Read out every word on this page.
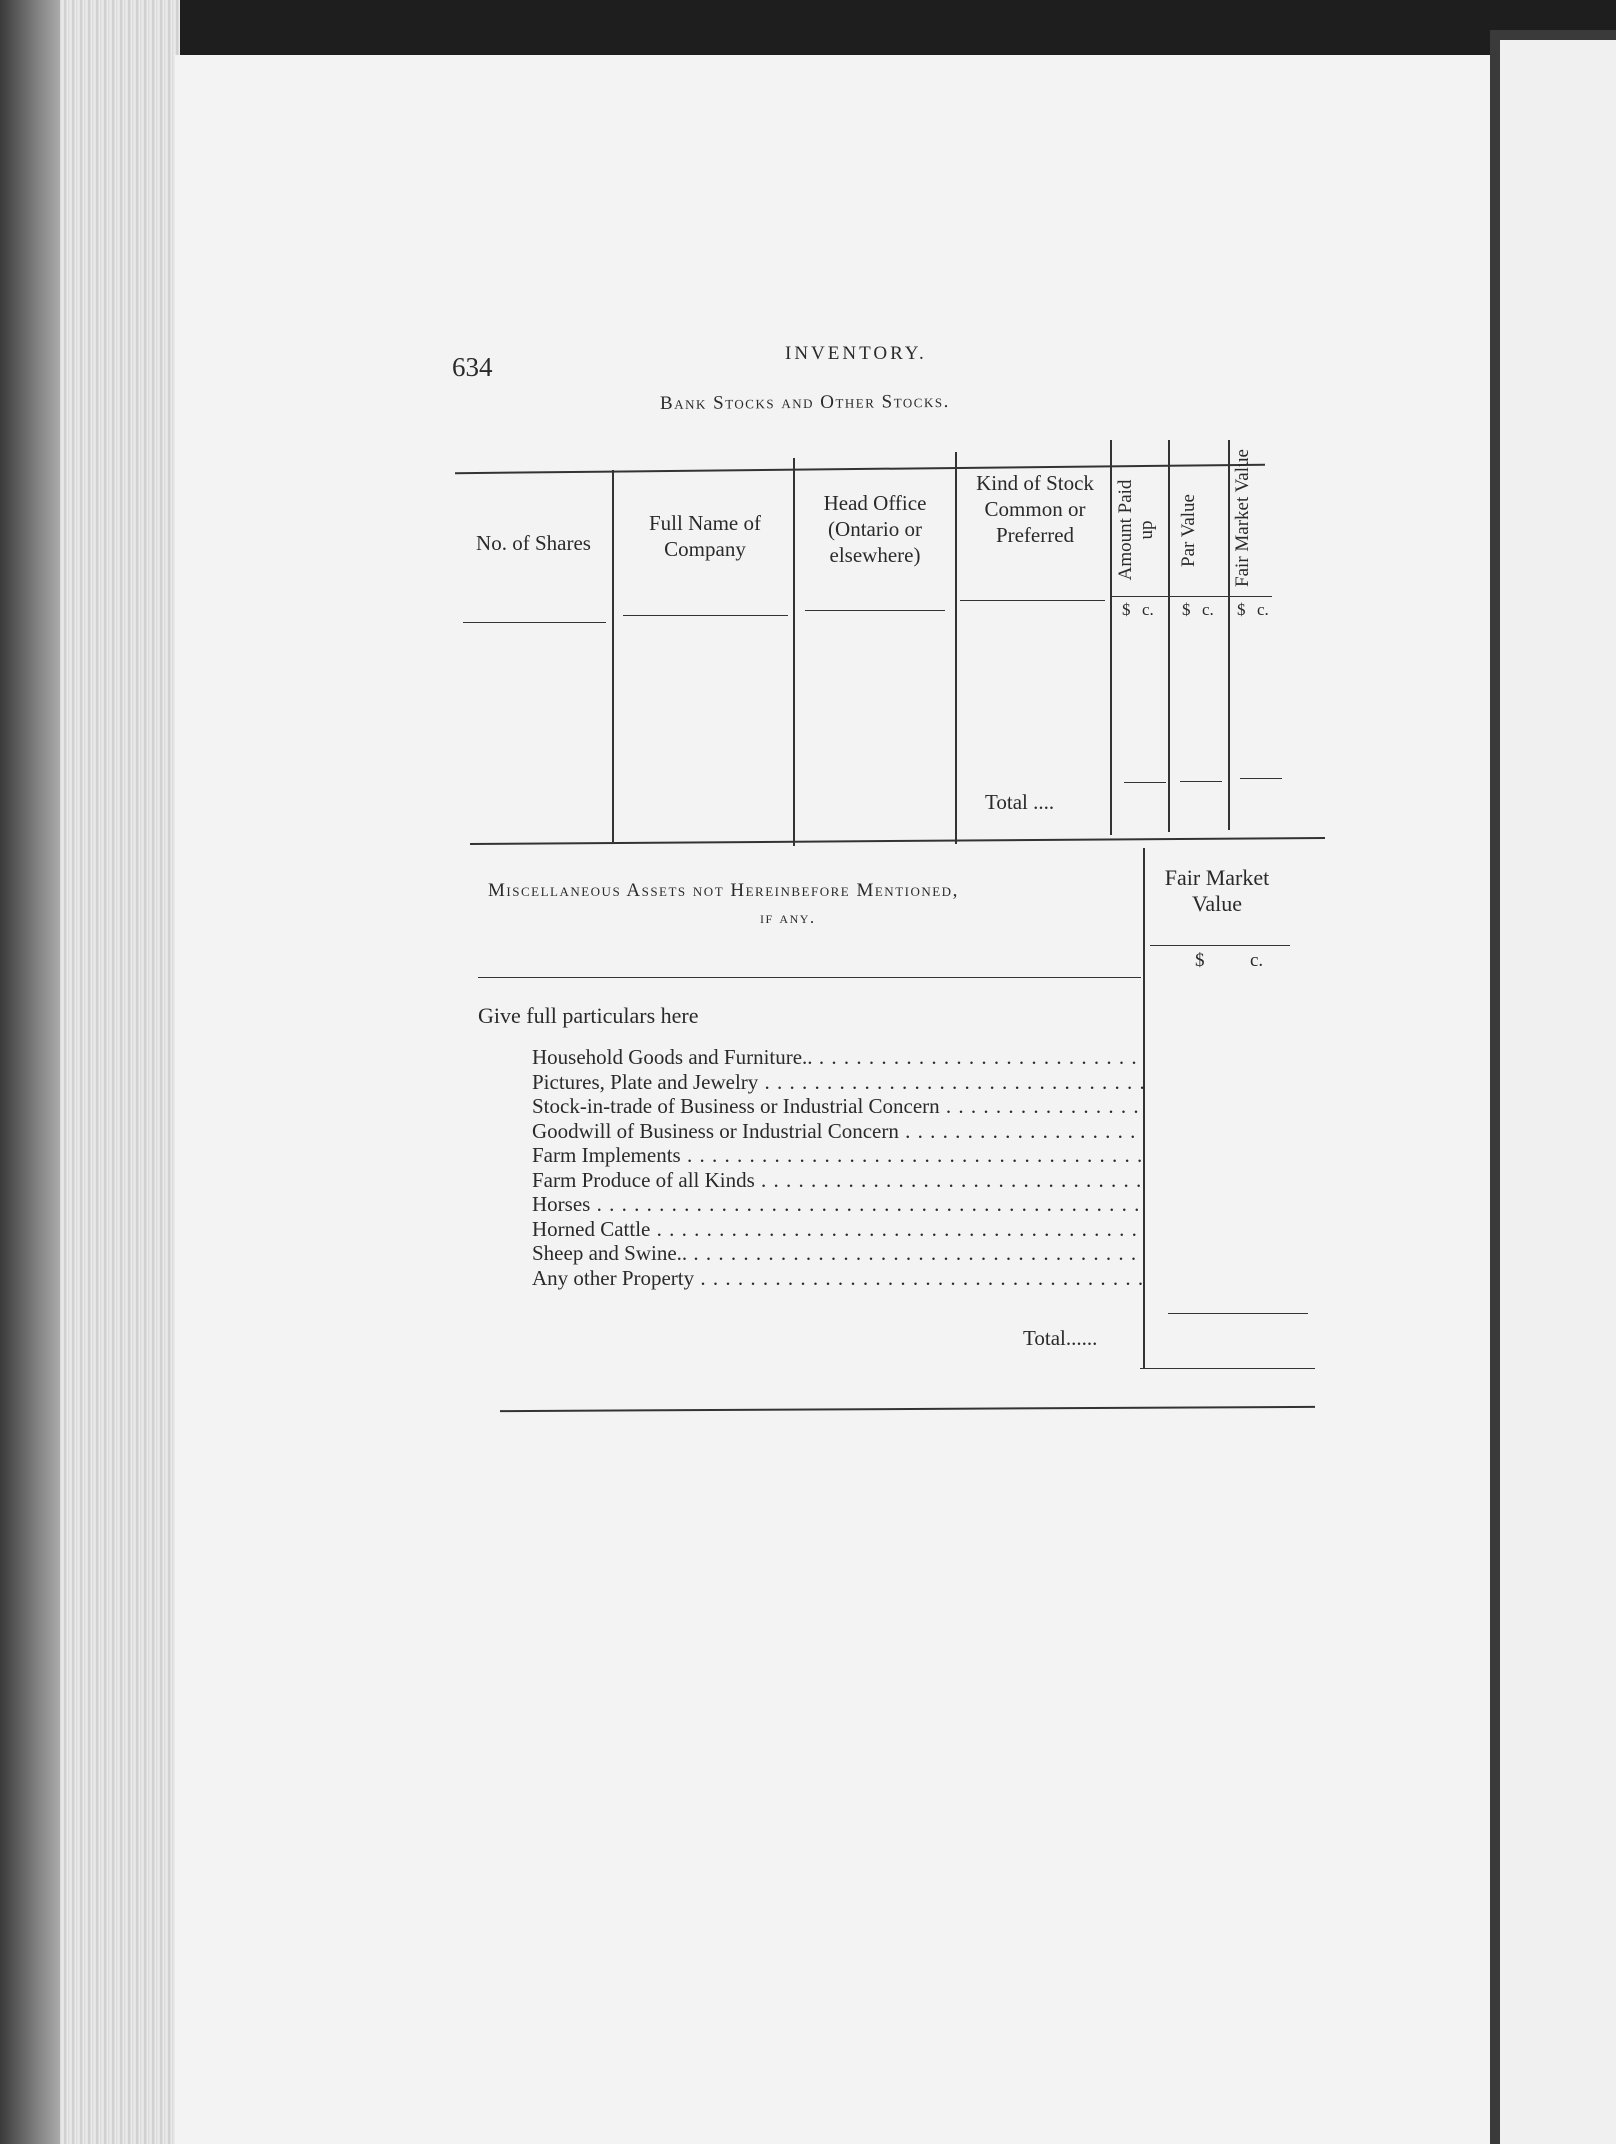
634	INVENTORY.
Bank Stocks and Other Stocks.
No. of Shares
Full Name of Company
Head Office (Ontario or elsewhere)
Kind of Stock Common or Preferred	Amount Paid up Par Value Fair Market Value
$ c. $ c. $ c.
Total ....
Miscellaneous Assets not Hereinbefore Mentioned,
if any.
Fair Market Value
$ c.
Give full particulars here
Household Goods and Furniture.. . . .
Pictures, Plate and Jewelry . . .
Stock-in-trade of Business or Industrial Concern . . .
Goodwill of Business or Industrial Concern . . .
Farm Implements . . .
Farm Produce of all Kinds . . .
Horses . . .
Horned Cattle . . .
Sheep and Swine.. . . .
Any other Property . . .
Total......
